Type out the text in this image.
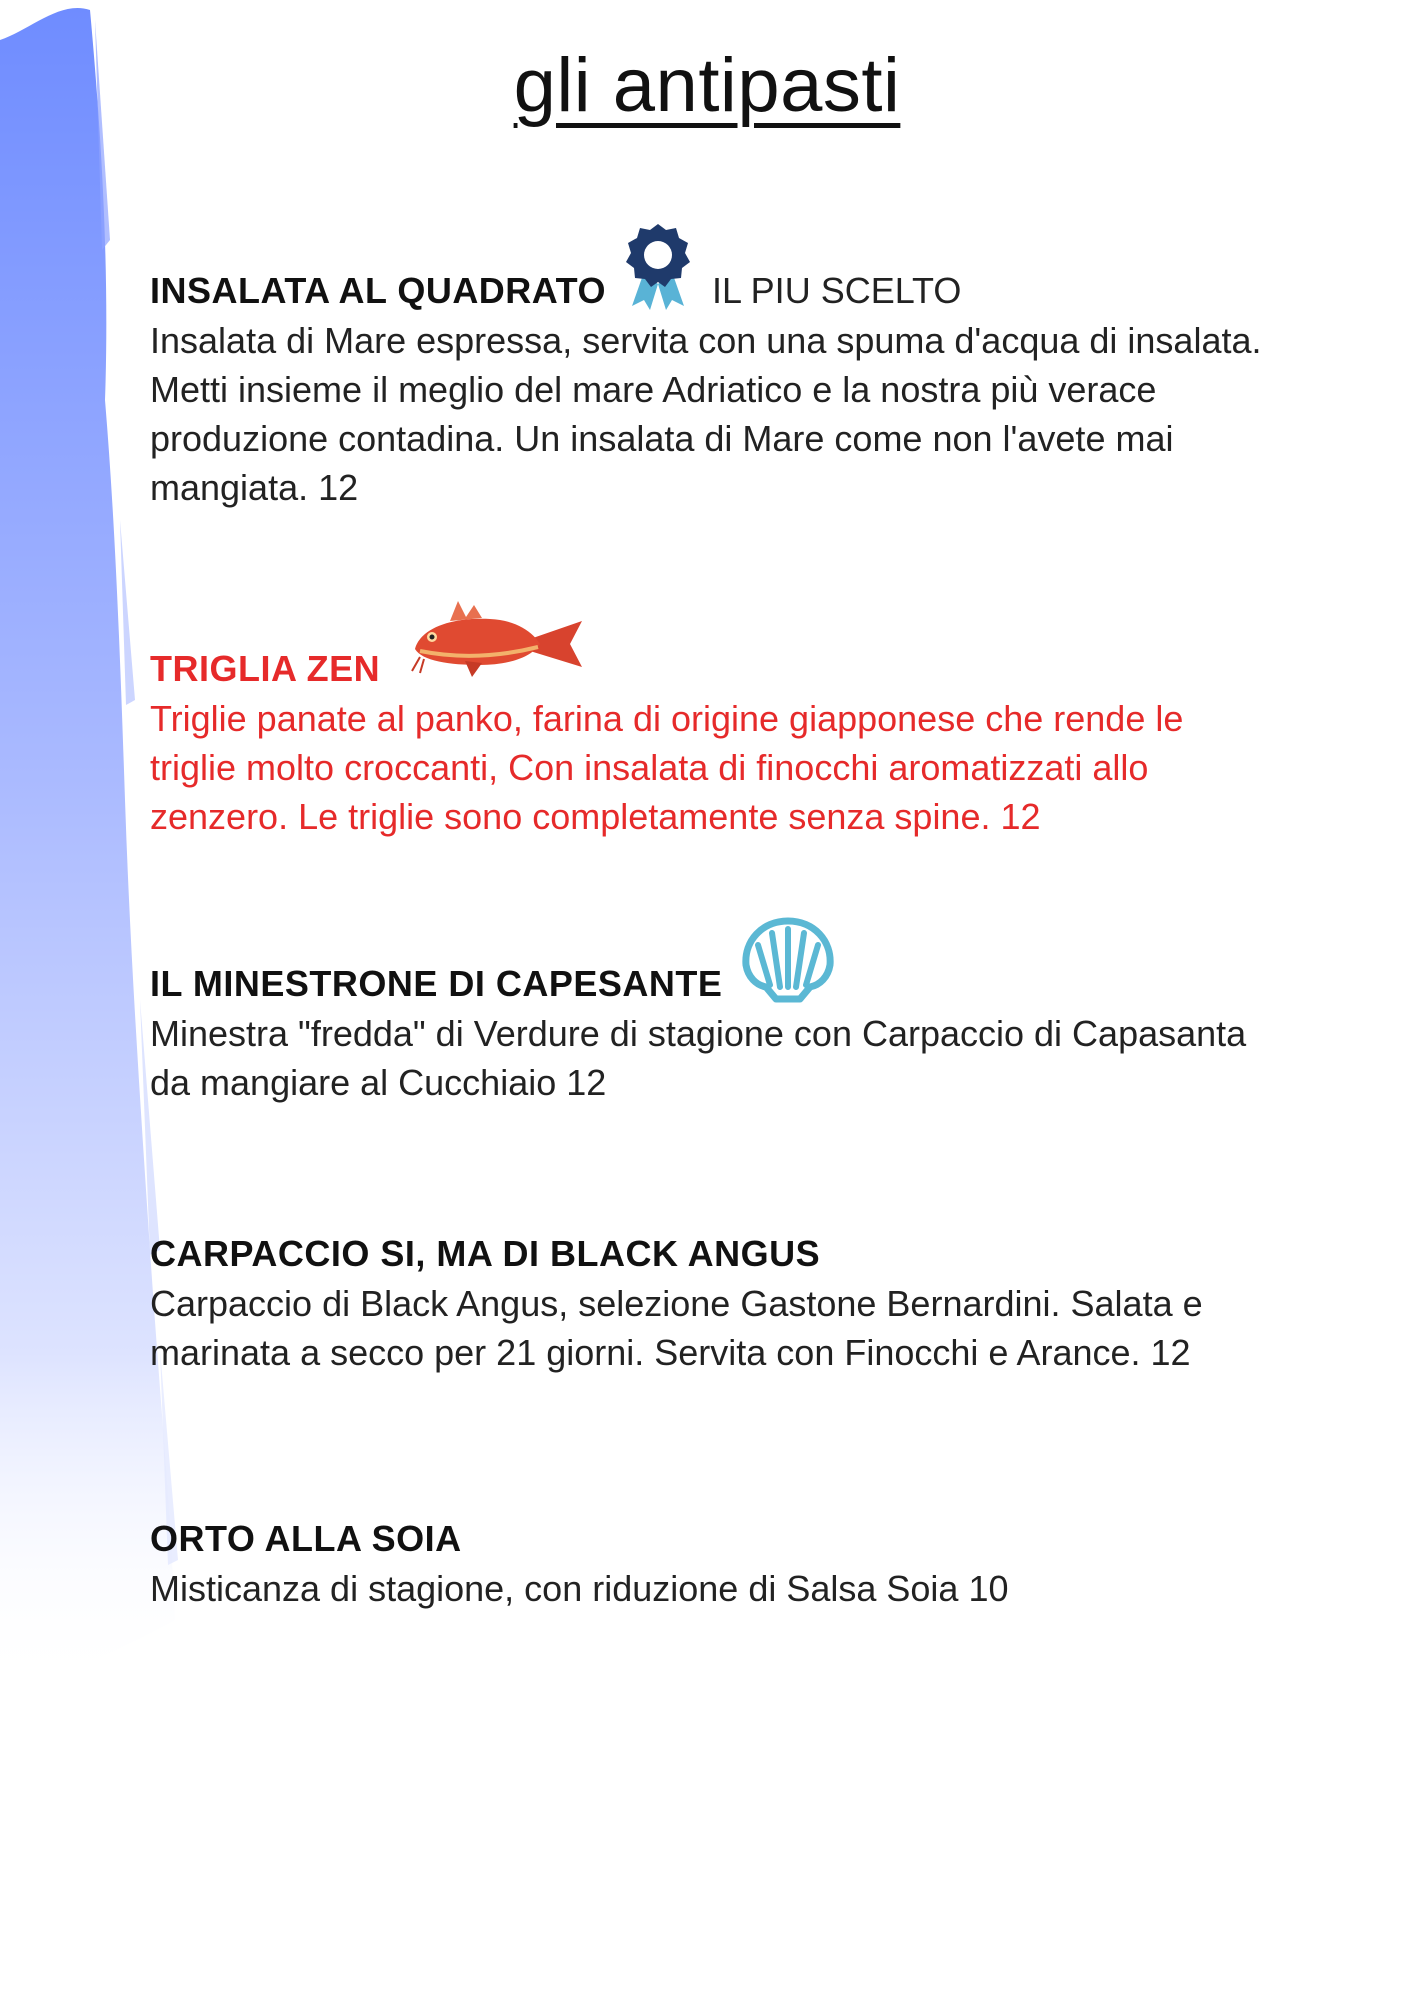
gli antipasti
INSALATA AL QUADRATO	IL PIU SCELTO
Insalata di Mare espressa, servita con una spuma d'acqua di insalata. Metti insieme il meglio del mare Adriatico e la nostra più verace produzione contadina. Un insalata di Mare come non l'avete mai mangiata. 12
TRIGLIA ZEN
Triglie panate al panko, farina di origine giapponese che rende le triglie molto croccanti, Con insalata di finocchi aromatizzati allo zenzero. Le triglie sono completamente senza spine. 12
IL MINESTRONE DI CAPESANTE
Minestra "fredda" di Verdure di stagione con Carpaccio di Capasanta da mangiare al Cucchiaio 12
CARPACCIO SI, MA DI BLACK ANGUS
Carpaccio di Black Angus, selezione Gastone Bernardini. Salata e marinata a secco per 21 giorni. Servita con Finocchi e Arance. 12
ORTO ALLA SOIA
Misticanza di stagione, con riduzione di Salsa Soia 10
